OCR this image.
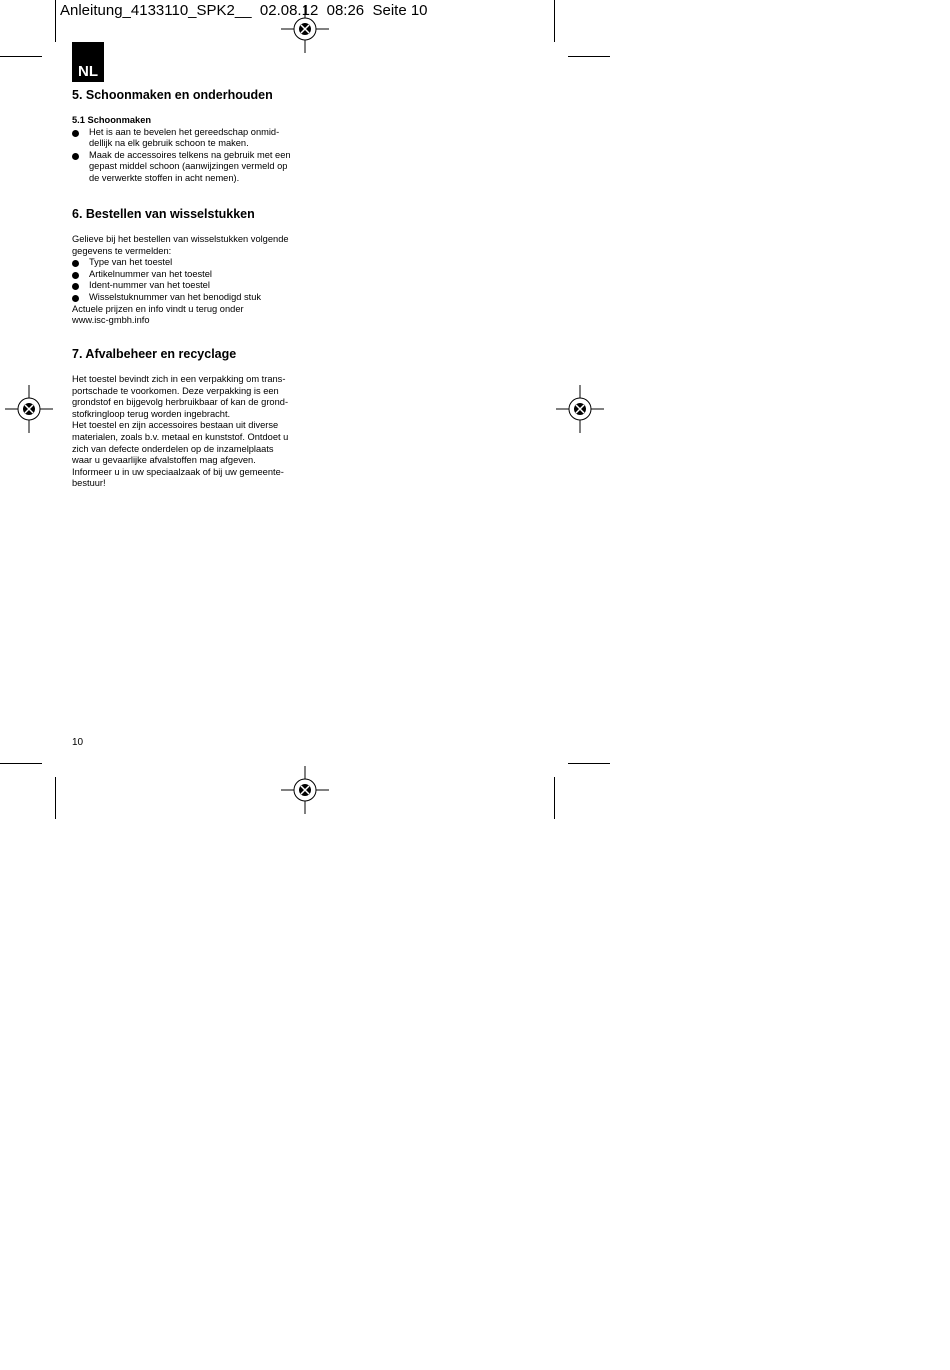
Anleitung_4133110_SPK2__  02.08.12  08:26  Seite 10
NL
5. Schoonmaken en onderhouden
5.1 Schoonmaken
Het is aan te bevelen het gereedschap onmid-
dellijk na elk gebruik schoon te maken.
Maak de accessoires telkens na gebruik met een
gepast middel schoon (aanwijzingen vermeld op
de verwerkte stoffen in acht nemen).
6. Bestellen van wisselstukken
Gelieve bij het bestellen van wisselstukken volgende
gegevens te vermelden:
Type van het toestel
Artikelnummer van het toestel
Ident-nummer van het toestel
Wisselstuknummer van het benodigd stuk
Actuele prijzen en info vindt u terug onder
www.isc-gmbh.info
7. Afvalbeheer en recyclage
Het toestel bevindt zich in een verpakking om trans-
portschade te voorkomen. Deze verpakking is een
grondstof en bijgevolg herbruikbaar of kan de grond-
stofkringloop terug worden ingebracht.
Het toestel en zijn accessoires bestaan uit diverse
materialen, zoals b.v. metaal en kunststof. Ontdoet u
zich van defecte onderdelen op de inzamelplaats
waar u gevaarlijke afvalstoffen mag afgeven.
Informeer u in uw speciaalzaak of bij uw gemeente-
bestuur!
10
